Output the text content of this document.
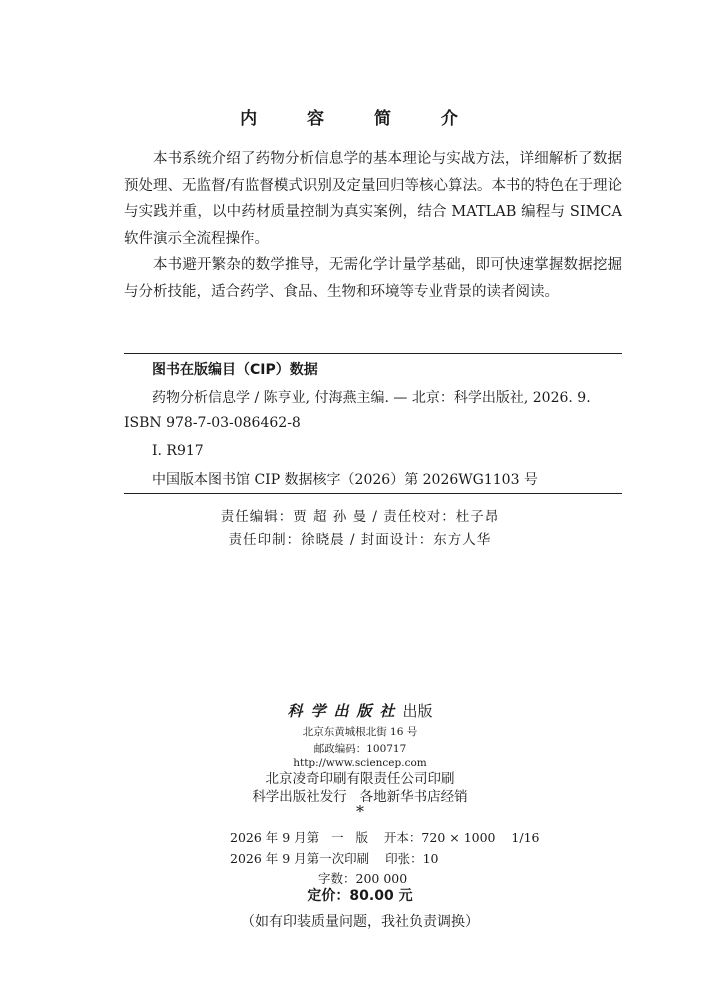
内 容 简 介

本书系统介绍了药物分析信息学的基本理论与实战方法，详细解析了数据预处理、无监督/有监督模式识别及定量回归等核心算法。本书的特色在于理论与实践并重，以中药材质量控制为真实案例，结合 MATLAB 编程与 SIMCA 软件演示全流程操作。

本书避开繁杂的数学推导，无需化学计量学基础，即可快速掌握数据挖掘与分析技能，适合药学、食品、生物和环境等专业背景的读者阅读。

图书在版编目（CIP）数据
药物分析信息学 / 陈亨业, 付海燕主编. — 北京：科学出版社, 2026. 9. ISBN 978-7-03-086462-8
Ⅰ. R917
中国版本图书馆 CIP 数据核字（2026）第 2026WG1103 号
责任编辑：贾 超 孙 曼 / 责任校对：杜子昂
责任印制：徐晓晨 / 封面设计：东方人华
科学出版社出版
北京东黄城根北街 16 号
邮政编码：100717
http://www.sciencep.com
北京凌奇印刷有限责任公司印刷
科学出版社发行   各地新华书店经销
*
2026 年 9 月第   一   版    开本：720 × 1000    1/16
2026 年 9 月第一次印刷    印张：10
字数：200 000
定价：80.00 元
（如有印装质量问题，我社负责调换）
